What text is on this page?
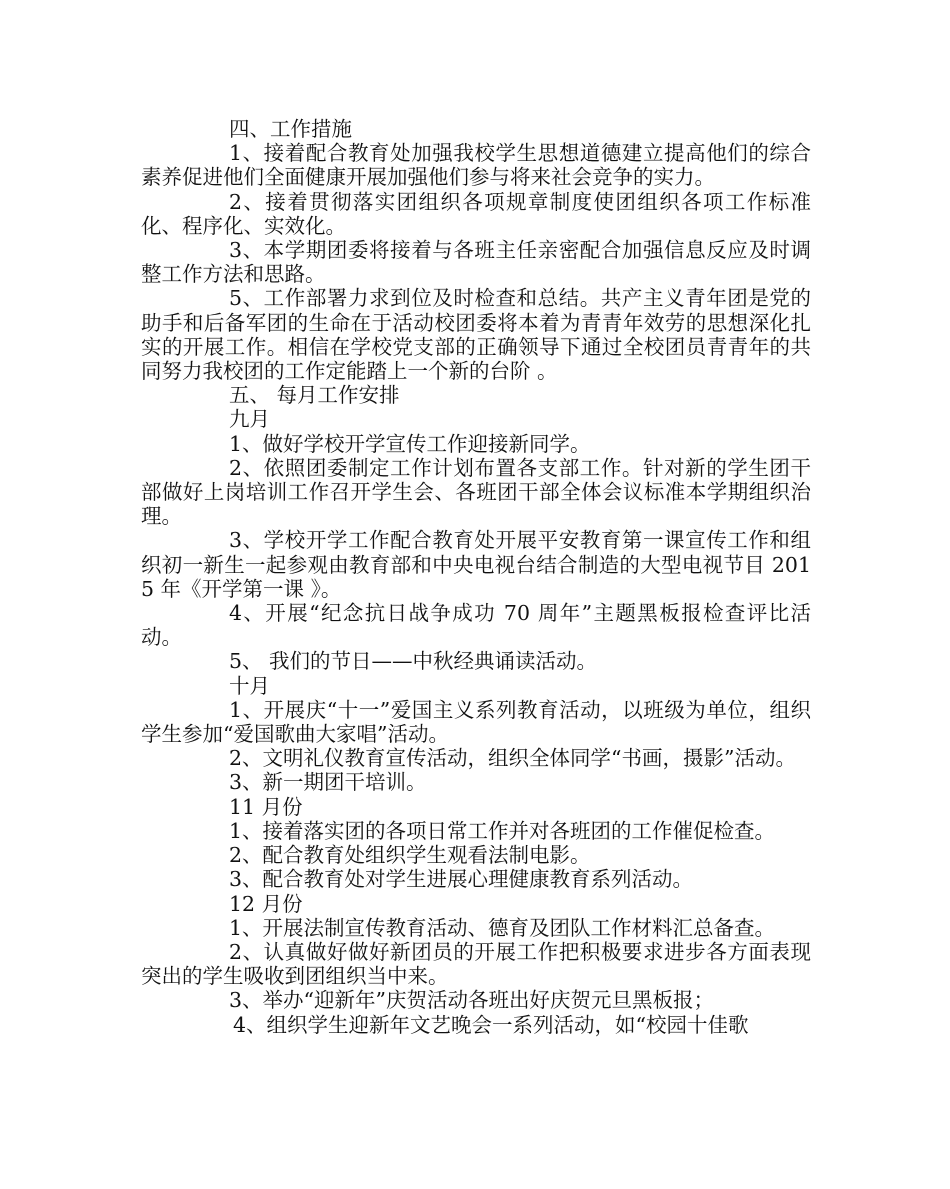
四、工作措施

1、接着配合教育处加强我校学生思想道德建立提高他们的综合素养促进他们全面健康开展加强他们参与将来社会竞争的实力。

2、接着贯彻落实团组织各项规章制度使团组织各项工作标准化、程序化、实效化。

3、本学期团委将接着与各班主任亲密配合加强信息反应及时调整工作方法和思路。

5、工作部署力求到位及时检查和总结。共产主义青年团是党的助手和后备军团的生命在于活动校团委将本着为青青年效劳的思想深化扎实的开展工作。相信在学校党支部的正确领导下通过全校团员青青年的共同努力我校团的工作定能踏上一个新的台阶 。

五、 每月工作安排

九月

1、做好学校开学宣传工作迎接新同学。

2、依照团委制定工作计划布置各支部工作。针对新的学生团干部做好上岗培训工作召开学生会、各班团干部全体会议标准本学期组织治理。

3、学校开学工作配合教育处开展平安教育第一课宣传工作和组织初一新生一起参观由教育部和中央电视台结合制造的大型电视节目 2015 年《开学第一课 》。

4、开展“纪念抗日战争成功 70 周年”主题黑板报检查评比活动。

5、 我们的节日——中秋经典诵读活动。

十月

1、开展庆“十一”爱国主义系列教育活动，以班级为单位，组织学生参加“爱国歌曲大家唱”活动。

2、文明礼仪教育宣传活动，组织全体同学“书画，摄影”活动。

3、新一期团干培训。

11 月份

1、接着落实团的各项日常工作并对各班团的工作催促检查。

2、配合教育处组织学生观看法制电影。

3、配合教育处对学生进展心理健康教育系列活动。

12 月份

1、开展法制宣传教育活动、德育及团队工作材料汇总备查。

2、认真做好做好新团员的开展工作把积极要求进步各方面表现突出的学生吸收到团组织当中来。

3、举办“迎新年”庆贺活动各班出好庆贺元旦黑板报；

4、组织学生迎新年文艺晚会一系列活动，如“校园十佳歌
